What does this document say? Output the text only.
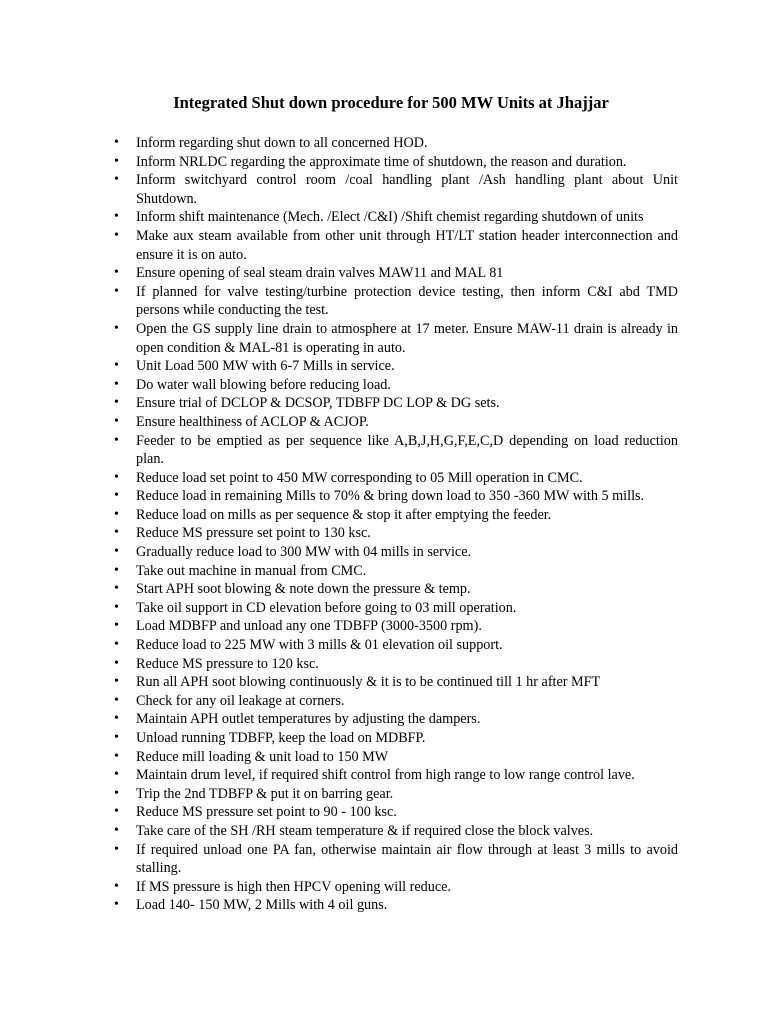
Integrated Shut down procedure for 500 MW Units at Jhajjar
• Inform regarding shut down to all concerned HOD.
• Inform NRLDC regarding the approximate time of shutdown, the reason and duration.
• Inform switchyard control room /coal handling plant /Ash handling plant about Unit Shutdown.
• Inform shift maintenance (Mech. /Elect /C&I) /Shift chemist regarding shutdown of units
• Make aux steam available from other unit through HT/LT station header interconnection and ensure it is on auto.
• Ensure opening of seal steam drain valves MAW11 and MAL 81
• If planned for valve testing/turbine protection device testing, then inform C&I abd TMD persons while conducting the test.
• Open the GS supply line drain to atmosphere at 17 meter. Ensure MAW-11 drain is already in open condition & MAL-81 is operating in auto.
• Unit Load 500 MW with 6-7 Mills in service.
• Do water wall blowing before reducing load.
• Ensure trial of DCLOP & DCSOP, TDBFP DC LOP & DG sets.
• Ensure healthiness of ACLOP & ACJOP.
• Feeder to be emptied as per sequence like A,B,J,H,G,F,E,C,D depending on load reduction plan.
• Reduce load set point to 450 MW corresponding to 05 Mill operation in CMC.
• Reduce load in remaining Mills to 70% & bring down load to 350 -360 MW with 5 mills.
• Reduce load on mills as per sequence & stop it after emptying the feeder.
• Reduce MS pressure set point to 130 ksc.
• Gradually reduce load to 300 MW with 04 mills in service.
• Take out machine in manual from CMC.
• Start APH soot blowing & note down the pressure & temp.
• Take oil support in CD elevation before going to 03 mill operation.
• Load MDBFP and unload any one TDBFP (3000-3500 rpm).
• Reduce load to 225 MW with 3 mills & 01 elevation oil support.
• Reduce MS pressure to 120 ksc.
• Run all APH soot blowing continuously & it is to be continued till 1 hr after MFT
• Check for any oil leakage at corners.
• Maintain APH outlet temperatures by adjusting the dampers.
• Unload running TDBFP, keep the load on MDBFP.
• Reduce mill loading & unit load to 150 MW
• Maintain drum level, if required shift control from high range to low range control lave.
• Trip the 2nd TDBFP & put it on barring gear.
• Reduce MS pressure set point to 90 - 100 ksc.
• Take care of the SH /RH steam temperature & if required close the block valves.
• If required unload one PA fan, otherwise maintain air flow through at least 3 mills to avoid stalling.
• If MS pressure is high then HPCV opening will reduce.
• Load 140- 150 MW, 2 Mills with 4 oil guns.
